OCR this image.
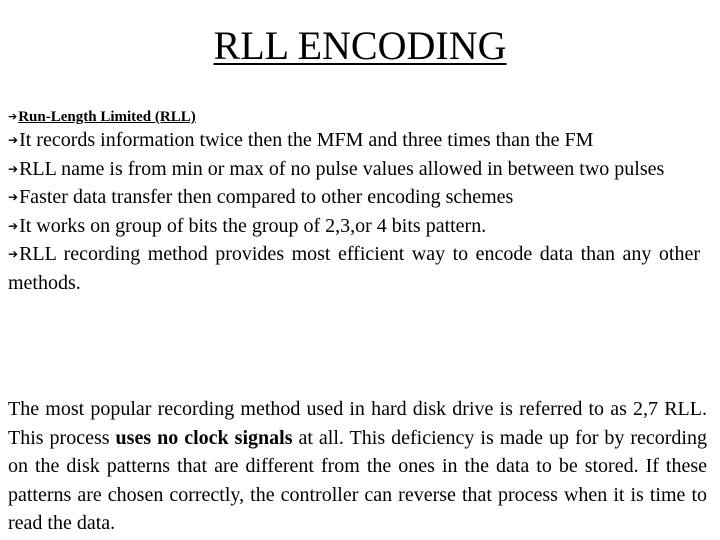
RLL ENCODING
➔Run-Length Limited (RLL)
➔It records information twice then the MFM and three times than the FM
➔RLL name is from min or max of no pulse values allowed in between two pulses
➔Faster data transfer then compared to other encoding schemes
➔It works on group of bits the group of 2,3,or 4 bits pattern.
➔RLL recording method provides most efficient way to encode data than any other methods.

The most popular recording method used in hard disk drive is referred to as 2,7 RLL. This process uses no clock signals at all. This deficiency is made up for by recording on the disk patterns that are different from the ones in the data to be stored. If these patterns are chosen correctly, the controller can reverse that process when it is time to read the data.
